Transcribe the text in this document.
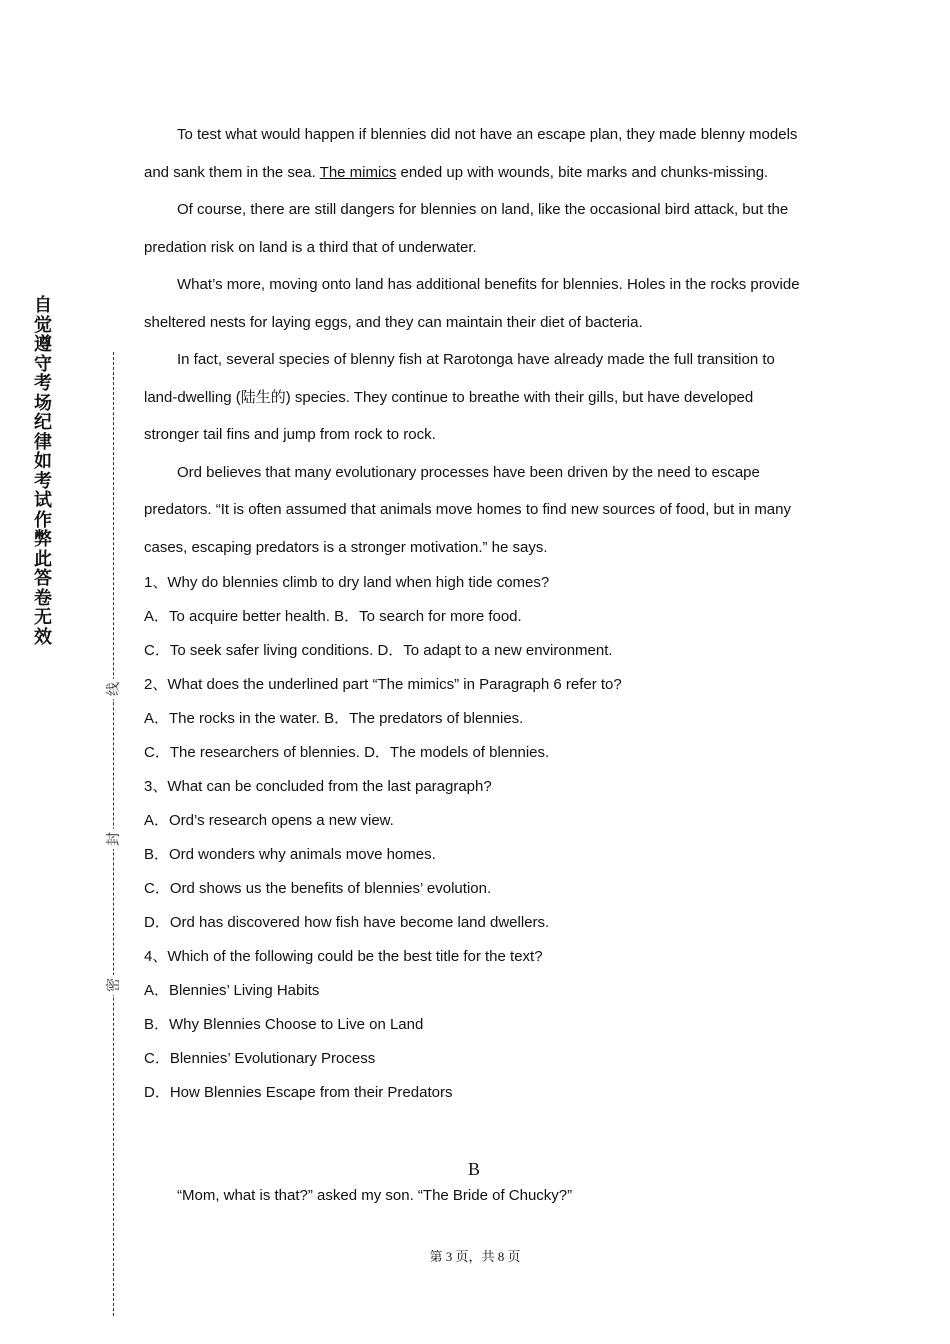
自觉遵守考场纪律如考试作弊此答卷无效
线
封
密

To test what would happen if blennies did not have an escape plan, they made blenny models and sank them in the sea. The mimics ended up with wounds, bite marks and chunks-missing.

Of course, there are still dangers for blennies on land, like the occasional bird attack, but the predation risk on land is a third that of underwater.

What’s more, moving onto land has additional benefits for blennies. Holes in the rocks provide sheltered nests for laying eggs, and they can maintain their diet of bacteria.

In fact, several species of blenny fish at Rarotonga have already made the full transition to land-dwelling (陆生的) species. They continue to breathe with their gills, but have developed stronger tail fins and jump from rock to rock.

Ord believes that many evolutionary processes have been driven by the need to escape predators. “It is often assumed that animals move homes to find new sources of food, but in many cases, escaping predators is a stronger motivation.” he says.

1、Why do blennies climb to dry land when high tide comes?

A．To acquire better health. B．To search for more food.

C．To seek safer living conditions. D．To adapt to a new environment.

2、What does the underlined part “The mimics” in Paragraph 6 refer to?

A．The rocks in the water. B．The predators of blennies.

C．The researchers of blennies. D．The models of blennies.

3、What can be concluded from the last paragraph?

A．Ord’s research opens a new view.

B．Ord wonders why animals move homes.

C．Ord shows us the benefits of blennies’ evolution.

D．Ord has discovered how fish have become land dwellers.

4、Which of the following could be the best title for the text?

A．Blennies’ Living Habits

B．Why Blennies Choose to Live on Land

C．Blennies’ Evolutionary Process

D．How Blennies Escape from their Predators

B
“Mom, what is that?” asked my son. “The Bride of Chucky?”
第 3 页，共 8 页
